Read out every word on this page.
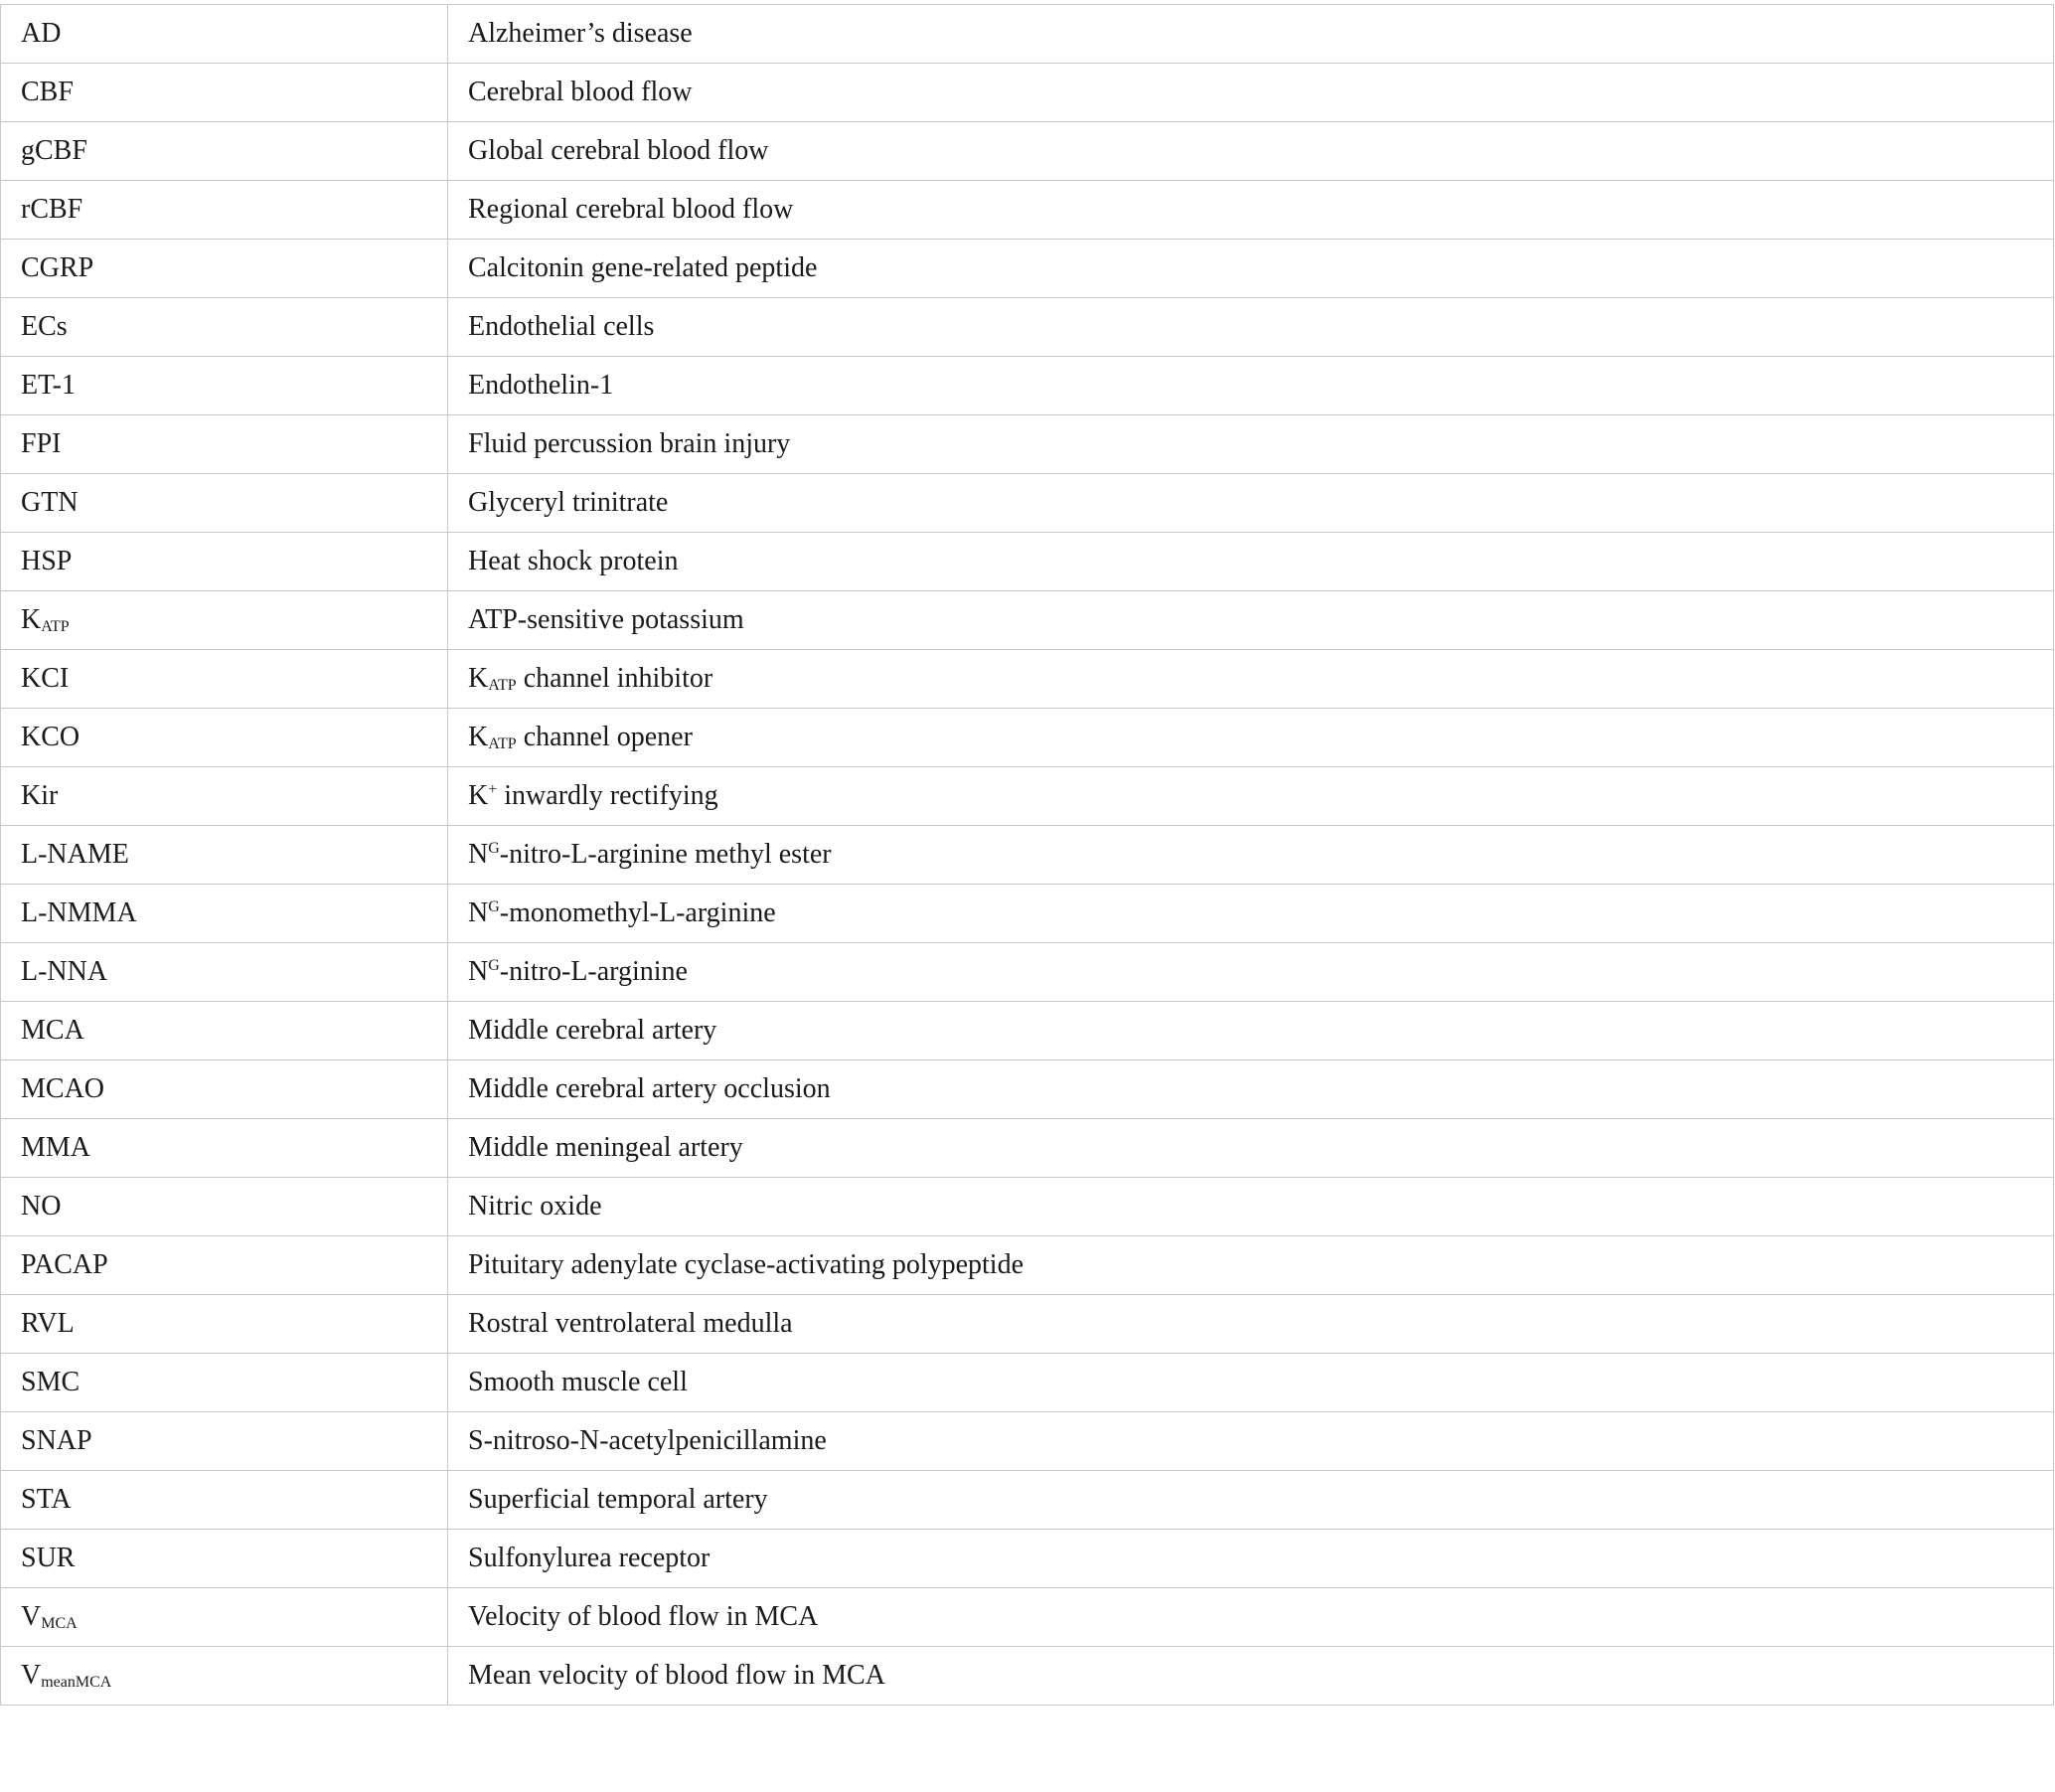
AD	Alzheimer’s disease
CBF	Cerebral blood flow
gCBF	Global cerebral blood flow
rCBF	Regional cerebral blood flow
CGRP	Calcitonin gene-related peptide
ECs	Endothelial cells
ET-1	Endothelin-1
FPI	Fluid percussion brain injury
GTN	Glyceryl trinitrate
HSP	Heat shock protein
KATP	ATP-sensitive potassium
KCI	KATP channel inhibitor
KCO	KATP channel opener
Kir	K+ inwardly rectifying
L-NAME	$N^G-nitro-L$-arginine methyl ester
L-NMMA	$N^G-monomethyl-L$-arginine
L-NNA	$N^G-nitro-L$-arginine
MCA	Middle cerebral artery
MCAO	Middle cerebral artery occlusion
MMA	Middle meningeal artery
NO	Nitric oxide
PACAP	Pituitary adenylate cyclase-activating polypeptide
RVL	Rostral ventrolateral medulla
SMC	Smooth muscle cell
SNAP	S-nitroso-N-acetylpenicillamine
STA	Superficial temporal artery
SUR	Sulfonylurea receptor
VMCA	Velocity of blood flow in MCA
VmeanMCA	Mean velocity of blood flow in MCA
